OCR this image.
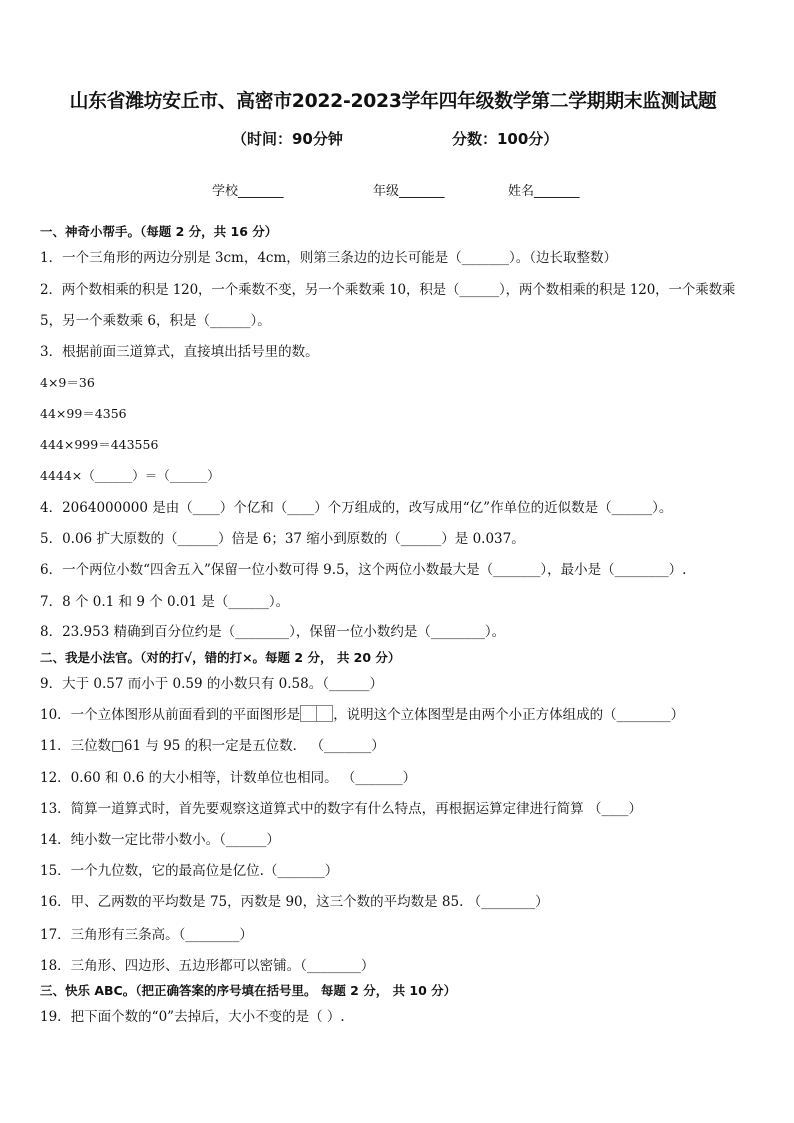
山东省潍坊安丘市、高密市2022-2023学年四年级数学第二学期期末监测试题
（时间：90分钟	分数：100分）
学校_______	年级_______	姓名_______
一、神奇小帮手。（每题 2 分，共 16 分）
1．一个三角形的两边分别是 3cm，4cm，则第三条边的边长可能是（_______）。（边长取整数）
2．两个数相乘的积是 120，一个乘数不变，另一个乘数乘 10，积是（______），两个数相乘的积是 120，一个乘数乘
5，另一个乘数乘 6，积是（______）。
3．根据前面三道算式，直接填出括号里的数。
4×9＝36
44×99＝4356
444×999＝443556
4444×（______）＝（______）
4．2064000000 是由（____）个亿和（____）个万组成的，改写成用“亿”作单位的近似数是（______）。
5．0.06 扩大原数的（______）倍是 6；37 缩小到原数的（______）是 0.037。
6．一个两位小数“四舍五入”保留一位小数可得 9.5，这个两位小数最大是（_______），最小是（________）.
7．8 个 0.1 和 9 个 0.01 是（______）。
8．23.953 精确到百分位约是（________），保留一位小数约是（________）。
二、我是小法官。（对的打√，错的打×。每题 2 分， 共 20 分）
9．大于 0.57 而小于 0.59 的小数只有 0.58。（______）
10．一个立体图形从前面看到的平面图形是 ，说明这个立体图型是由两个小正方体组成的（________）
11．三位数□61 与 95 的积一定是五位数． （_______）
12．0.60 和 0.6 的大小相等，计数单位也相同。 （_______）
13．简算一道算式时，首先要观察这道算式中的数字有什么特点，再根据运算定律进行简算 （____）
14．纯小数一定比带小数小。（______）
15．一个九位数，它的最高位是亿位.（_______）
16．甲、乙两数的平均数是 75，丙数是 90，这三个数的平均数是 85. （________）
17．三角形有三条高。（________）
18．三角形、四边形、五边形都可以密铺。（________）
三、快乐 ABC。（把正确答案的序号填在括号里。 每题 2 分， 共 10 分）
19．把下面个数的“0”去掉后，大小不变的是（ ）.
